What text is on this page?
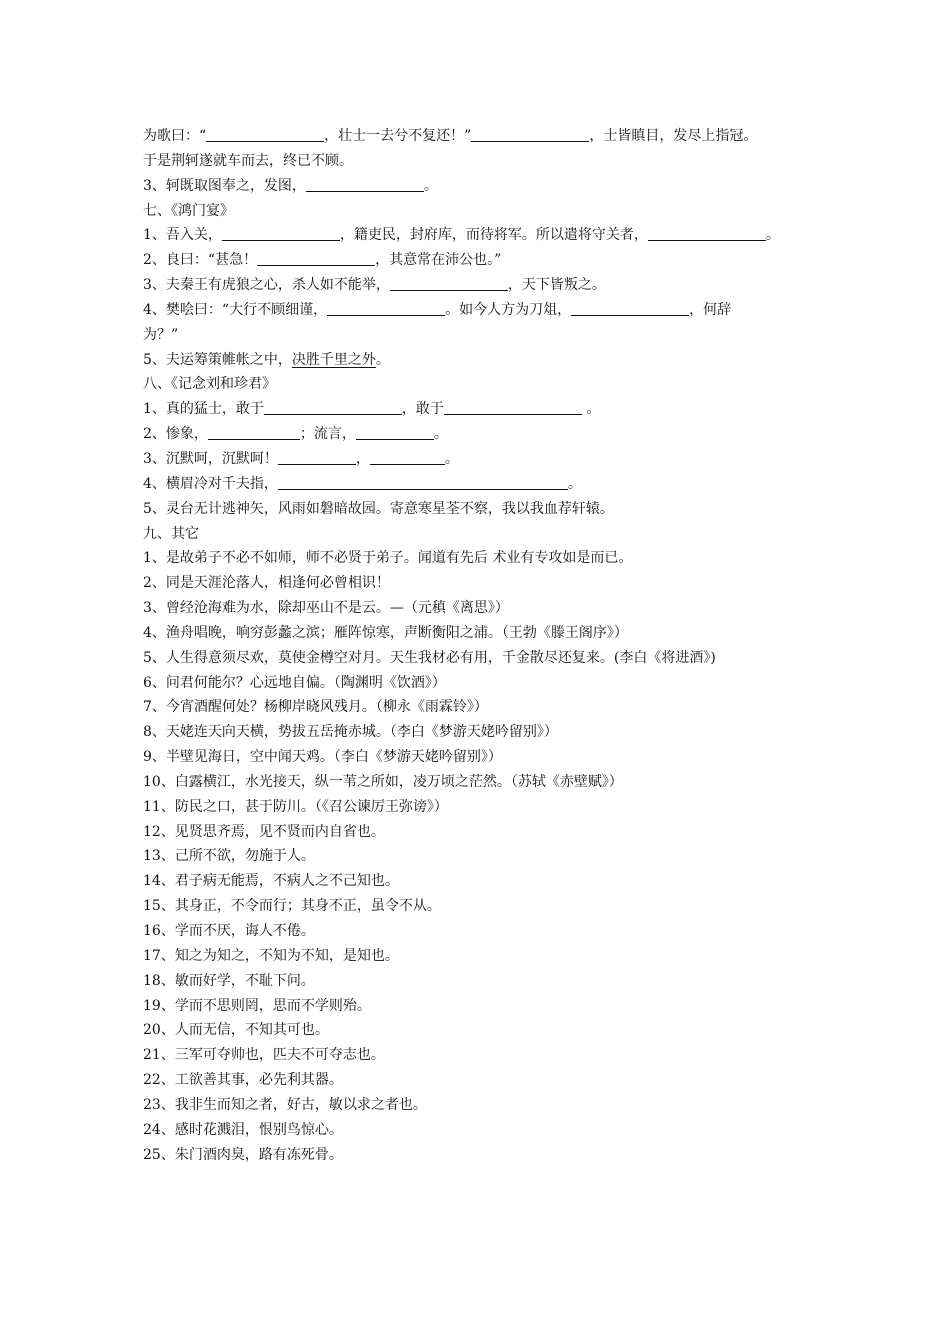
为歌曰：“	，壮士一去兮不复还！”	，士皆瞋目，发尽上指冠。
于是荆轲遂就车而去，终已不顾。
3、轲既取图奉之，发图，	。
七、《鸿门宴》
1、吾入关，	，籍吏民，封府库，而待将军。所以遣将守关者，	。
2、良曰：“甚急！	，其意常在沛公也。”
3、夫秦王有虎狼之心，杀人如不能举，	，天下皆叛之。
4、樊哙曰：“大行不顾细谨，	。如今人方为刀俎，	，何辞
为？”
5、夫运筹策帷帐之中，决胜千里之外。
八、《记念刘和珍君》
1、真的猛士，敢于	，敢于	。
2、惨象，	；流言，	。
3、沉默呵，沉默呵！	，	。
4、横眉冷对千夫指，	。
5、灵台无计逃神矢，风雨如磐暗故园。寄意寒星荃不察，我以我血荐轩辕。
九、其它
1、是故弟子不必不如师，师不必贤于弟子。闻道有先后 术业有专攻如是而已。
2、同是天涯沦落人，相逢何必曾相识！
3、曾经沧海难为水，除却巫山不是云。—（元稹《离思》）
4、渔舟唱晚，响穷彭蠡之滨；雁阵惊寒，声断衡阳之浦。（王勃《滕王阁序》）
5、人生得意须尽欢，莫使金樽空对月。天生我材必有用，千金散尽还复来。(李白《将进酒》)
6、问君何能尔？心远地自偏。（陶渊明《饮酒》）
7、今宵酒醒何处？杨柳岸晓风残月。（柳永《雨霖铃》）
8、天姥连天向天横，势拔五岳掩赤城。（李白《梦游天姥吟留别》）
9、半壁见海日，空中闻天鸡。（李白《梦游天姥吟留别》）
10、白露横江，水光接天，纵一苇之所如，凌万顷之茫然。（苏轼《赤壁赋》）
11、防民之口，甚于防川。（《召公谏厉王弥谤》）
12、见贤思齐焉，见不贤而内自省也。
13、己所不欲，勿施于人。
14、君子病无能焉，不病人之不己知也。
15、其身正，不令而行；其身不正，虽令不从。
16、学而不厌，诲人不倦。
17、知之为知之，不知为不知，是知也。
18、敏而好学，不耻下问。
19、学而不思则罔，思而不学则殆。
20、人而无信，不知其可也。
21、三军可夺帅也，匹夫不可夺志也。
22、工欲善其事，必先利其器。
23、我非生而知之者，好古，敏以求之者也。
24、感时花溅泪，恨别鸟惊心。
25、朱门酒肉臭，路有冻死骨。
